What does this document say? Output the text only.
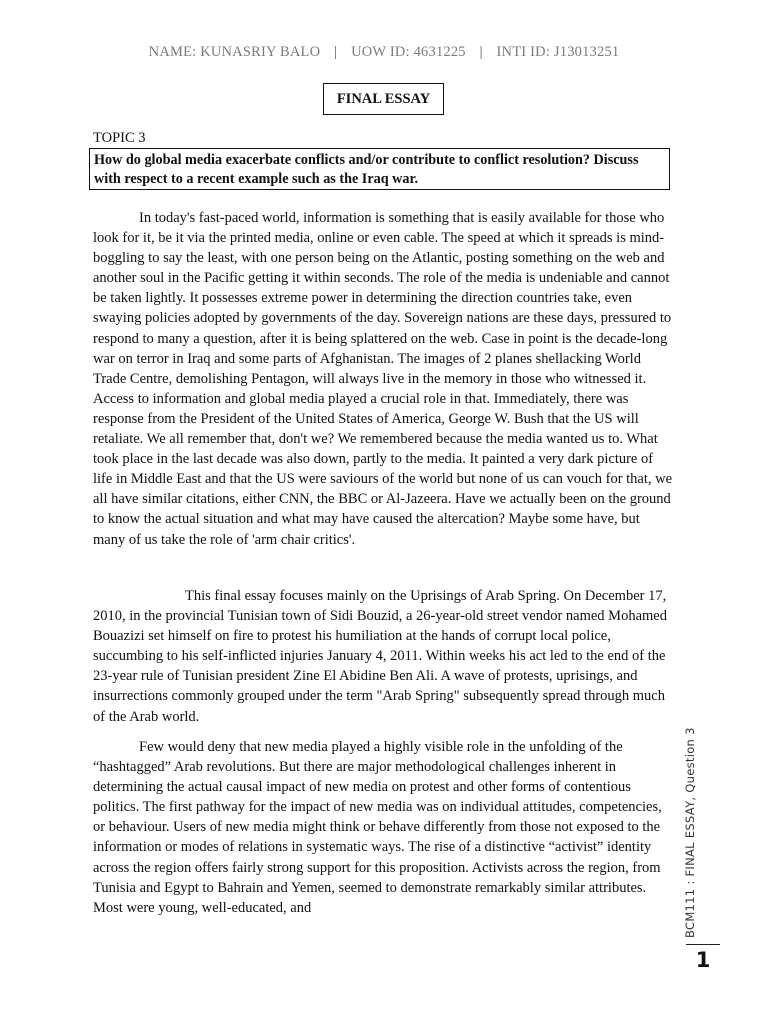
NAME: KUNASRIY BALO | UOW ID: 4631225 | INTI ID: J13013251
FINAL ESSAY
TOPIC 3
How do global media exacerbate conflicts and/or contribute to conflict resolution? Discuss with respect to a recent example such as the Iraq war.

In today's fast-paced world, information is something that is easily available for those who look for it, be it via the printed media, online or even cable. The speed at which it spreads is mind-boggling to say the least, with one person being on the Atlantic, posting something on the web and another soul in the Pacific getting it within seconds. The role of the media is undeniable and cannot be taken lightly. It possesses extreme power in determining the direction countries take, even swaying policies adopted by governments of the day. Sovereign nations are these days, pressured to respond to many a question, after it is being splattered on the web. Case in point is the decade-long war on terror in Iraq and some parts of Afghanistan. The images of 2 planes shellacking World Trade Centre, demolishing Pentagon, will always live in the memory in those who witnessed it. Access to information and global media played a crucial role in that. Immediately, there was response from the President of the United States of America, George W. Bush that the US will retaliate. We all remember that, don't we? We remembered because the media wanted us to. What took place in the last decade was also down, partly to the media. It painted a very dark picture of life in Middle East and that the US were saviours of the world but none of us can vouch for that, we all have similar citations, either CNN, the BBC or Al-Jazeera. Have we actually been on the ground to know the actual situation and what may have caused the altercation? Maybe some have, but many of us take the role of 'arm chair critics'.

This final essay focuses mainly on the Uprisings of Arab Spring. On December 17, 2010, in the provincial Tunisian town of Sidi Bouzid, a 26-year-old street vendor named Mohamed Bouazizi set himself on fire to protest his humiliation at the hands of corrupt local police, succumbing to his self-inflicted injuries January 4, 2011. Within weeks his act led to the end of the 23-year rule of Tunisian president Zine El Abidine Ben Ali. A wave of protests, uprisings, and insurrections commonly grouped under the term "Arab Spring" subsequently spread through much of the Arab world.

Few would deny that new media played a highly visible role in the unfolding of the “hashtagged” Arab revolutions. But there are major methodological challenges inherent in determining the actual causal impact of new media on protest and other forms of contentious politics. The first pathway for the impact of new media was on individual attitudes, competencies, or behaviour. Users of new media might think or behave differently from those not exposed to the information or modes of relations in systematic ways. The rise of a distinctive “activist” identity across the region offers fairly strong support for this proposition. Activists across the region, from Tunisia and Egypt to Bahrain and Yemen, seemed to demonstrate remarkably similar attributes. Most were young, well-educated, and	BCM111 : FINAL ESSAY, Question 3
1
